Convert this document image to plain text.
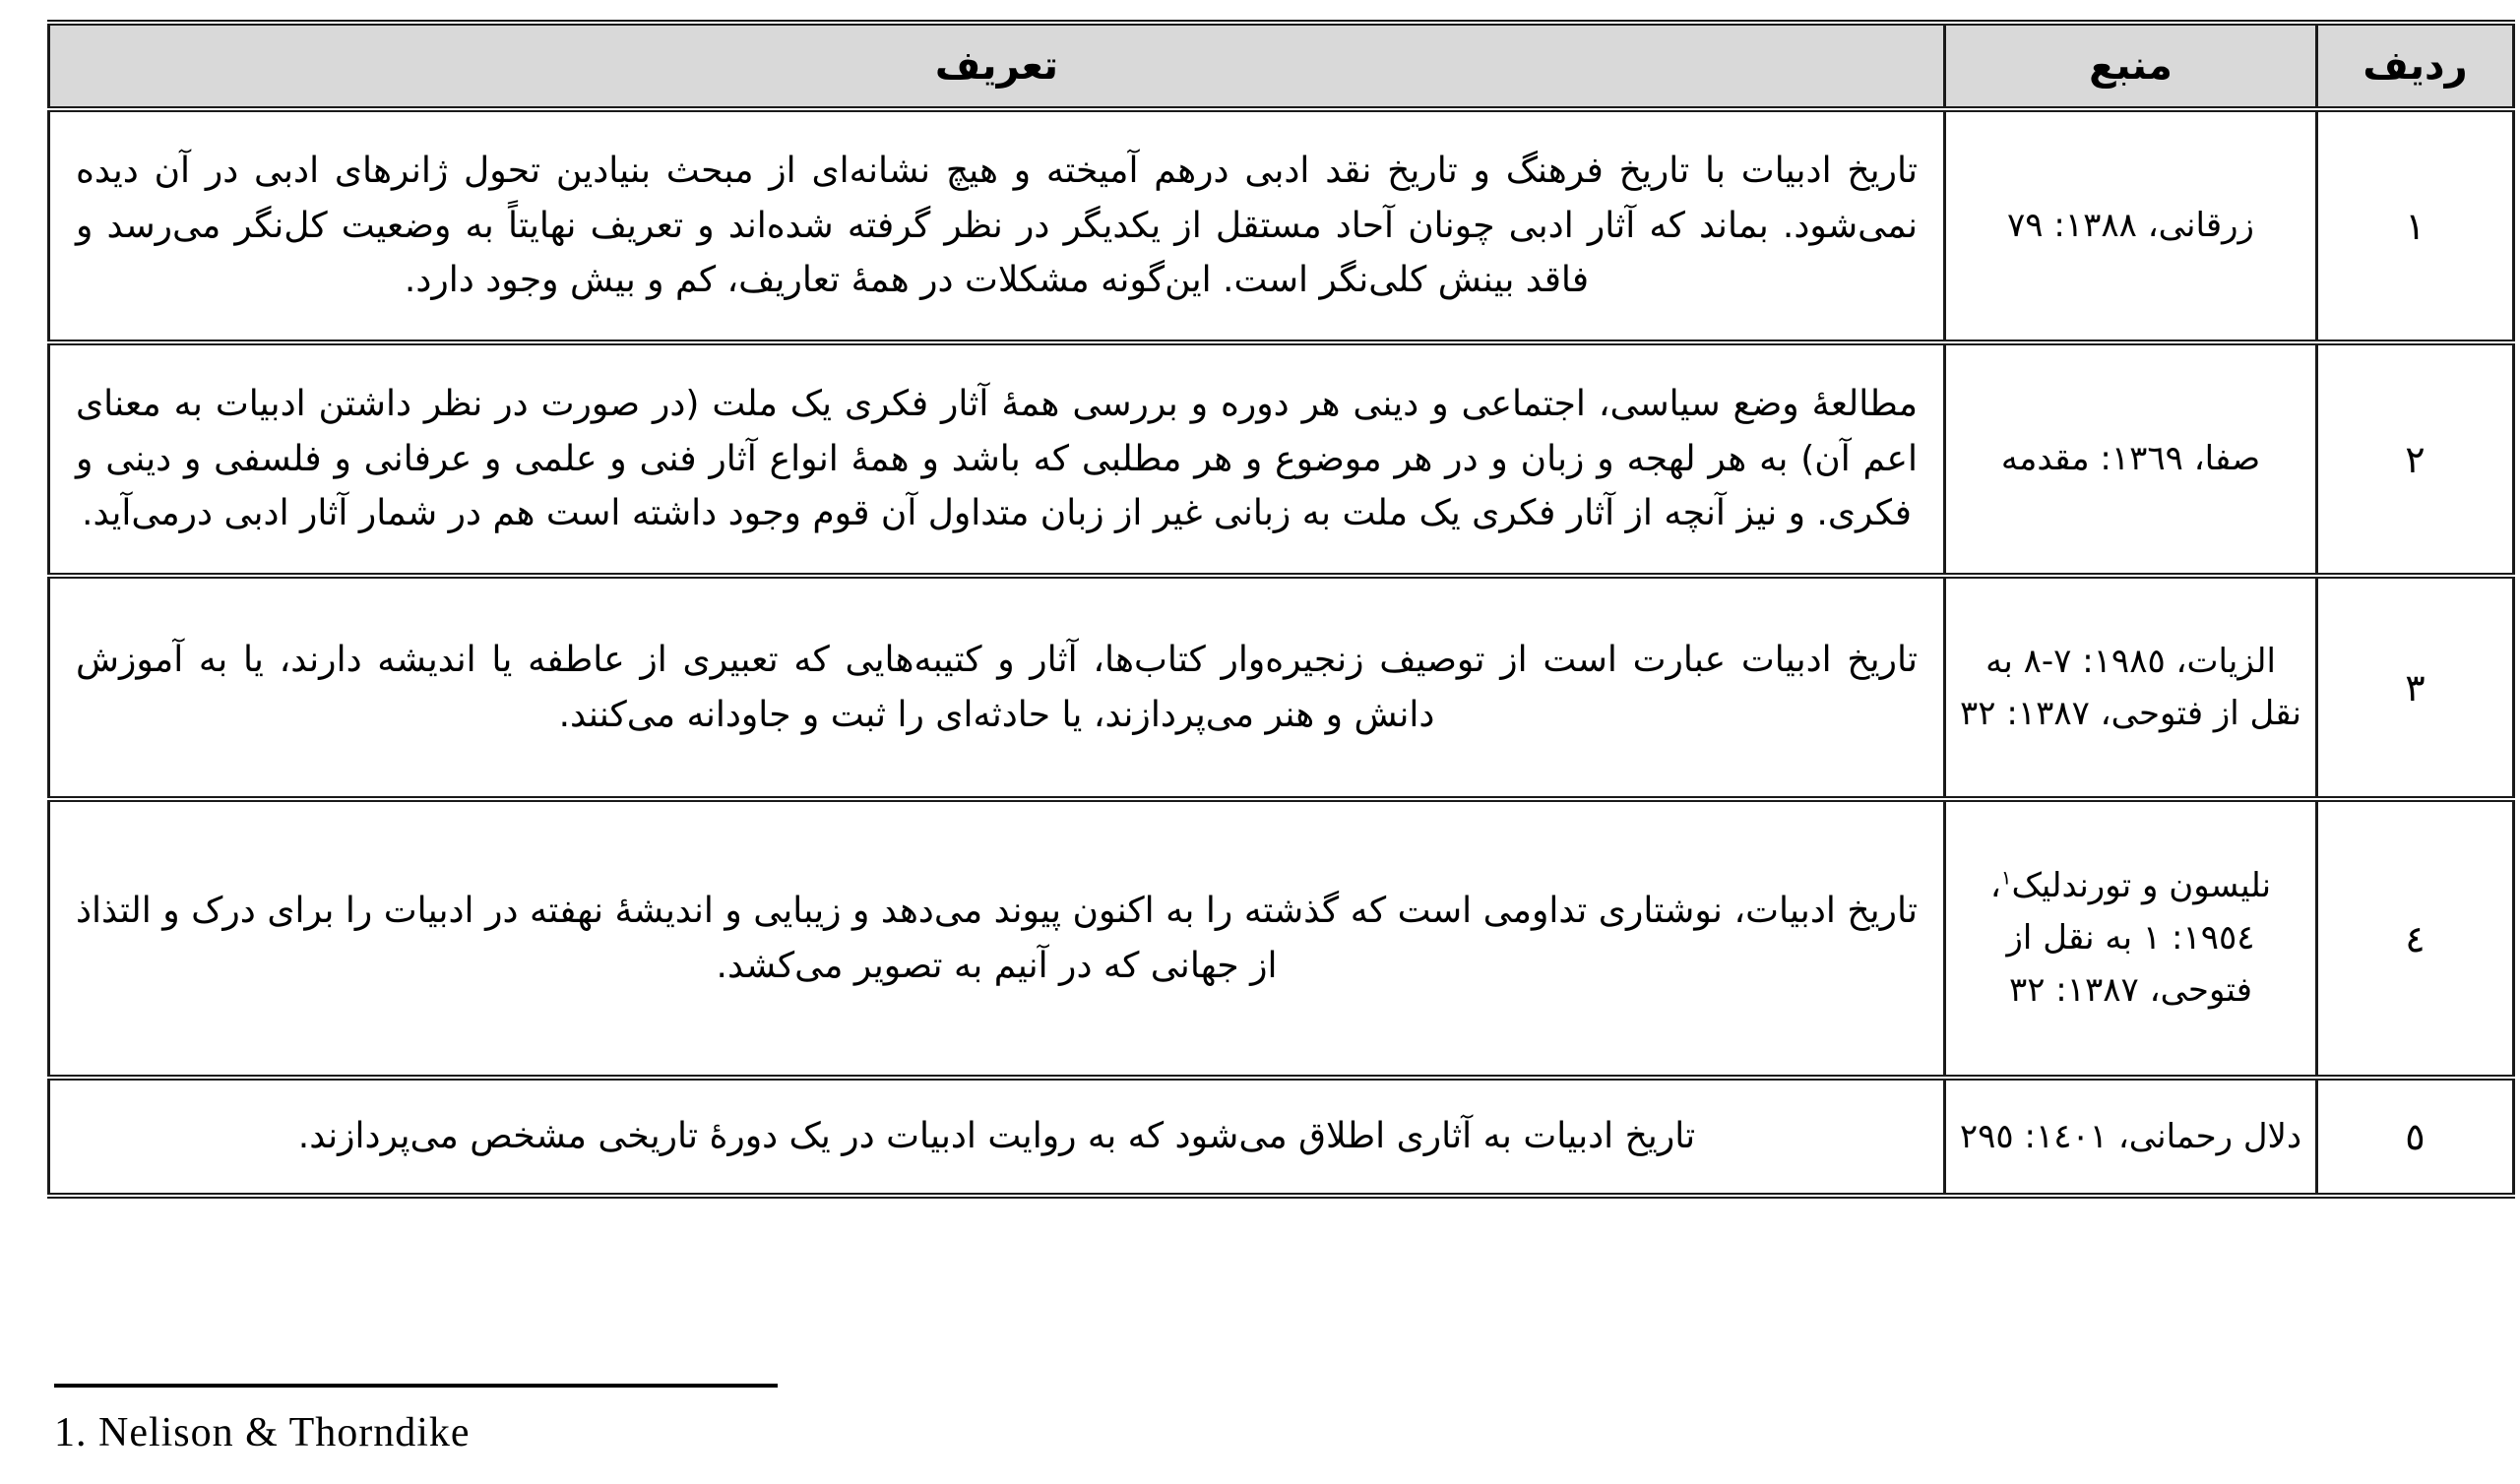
ردیف	منبع	تعریف
١	زرقانی، ١٣٨٨: ٧٩	تاریخ ادبیات با تاریخ فرهنگ و تاریخ نقد ادبی درهم آمیخته و هیچ نشانه‌ای از مبحث بنیادین تحول ژانرهای ادبی در آن دیده نمی‌شود. بماند که آثار ادبی چونان آحاد مستقل از یکدیگر در نظر گرفته شده‌اند و تعریف نهایتاً به وضعیت کل‌نگر می‌رسد و فاقد بینش کلی‌نگر است. این‌گونه مشکلات در همهٔ تعاریف، کم و بیش وجود دارد.
٢	صفا، ١٣٦٩: مقدمه	مطالعهٔ وضع سیاسی، اجتماعی و دینی هر دوره و بررسی همهٔ آثار فکری یک ملت (در صورت در نظر داشتن ادبیات به معنای اعم آن) به هر لهجه و زبان و در هر موضوع و هر مطلبی که باشد و همهٔ انواع آثار فنی و علمی و عرفانی و فلسفی و دینی و فکری. و نیز آنچه از آثار فکری یک ملت به زبانی غیر از زبان متداول آن قوم وجود داشته است هم در شمار آثار ادبی درمی‌آید.
٣	الزیات، ١٩٨٥: ٧-٨ به نقل از فتوحی، ١٣٨٧: ٣٢	تاریخ ادبیات عبارت است از توصیف زنجیره‌وار کتاب‌ها، آثار و کتیبه‌هایی که تعبیری از عاطفه یا اندیشه دارند، یا به آموزش دانش و هنر می‌پردازند، یا حادثه‌ای را ثبت و جاودانه می‌کنند.
٤	نلیسون و تورندلیک$^١$، ١٩٥٤: ١ به نقل از فتوحی، ١٣٨٧: ٣٢	تاریخ ادبیات، نوشتاری تداومی است که گذشته را به اکنون پیوند می‌دهد و زیبایی و اندیشهٔ نهفته در ادبیات را برای درک و التذاذ از جهانی که در آنیم به تصویر می‌کشد.
٥	دلال رحمانی، ١٤٠١: ٢٩٥	تاریخ ادبیات به آثاری اطلاق می‌شود که به روایت ادبیات در یک دورهٔ تاریخی مشخص می‌پردازند.
1. Nelison & Thorndike
